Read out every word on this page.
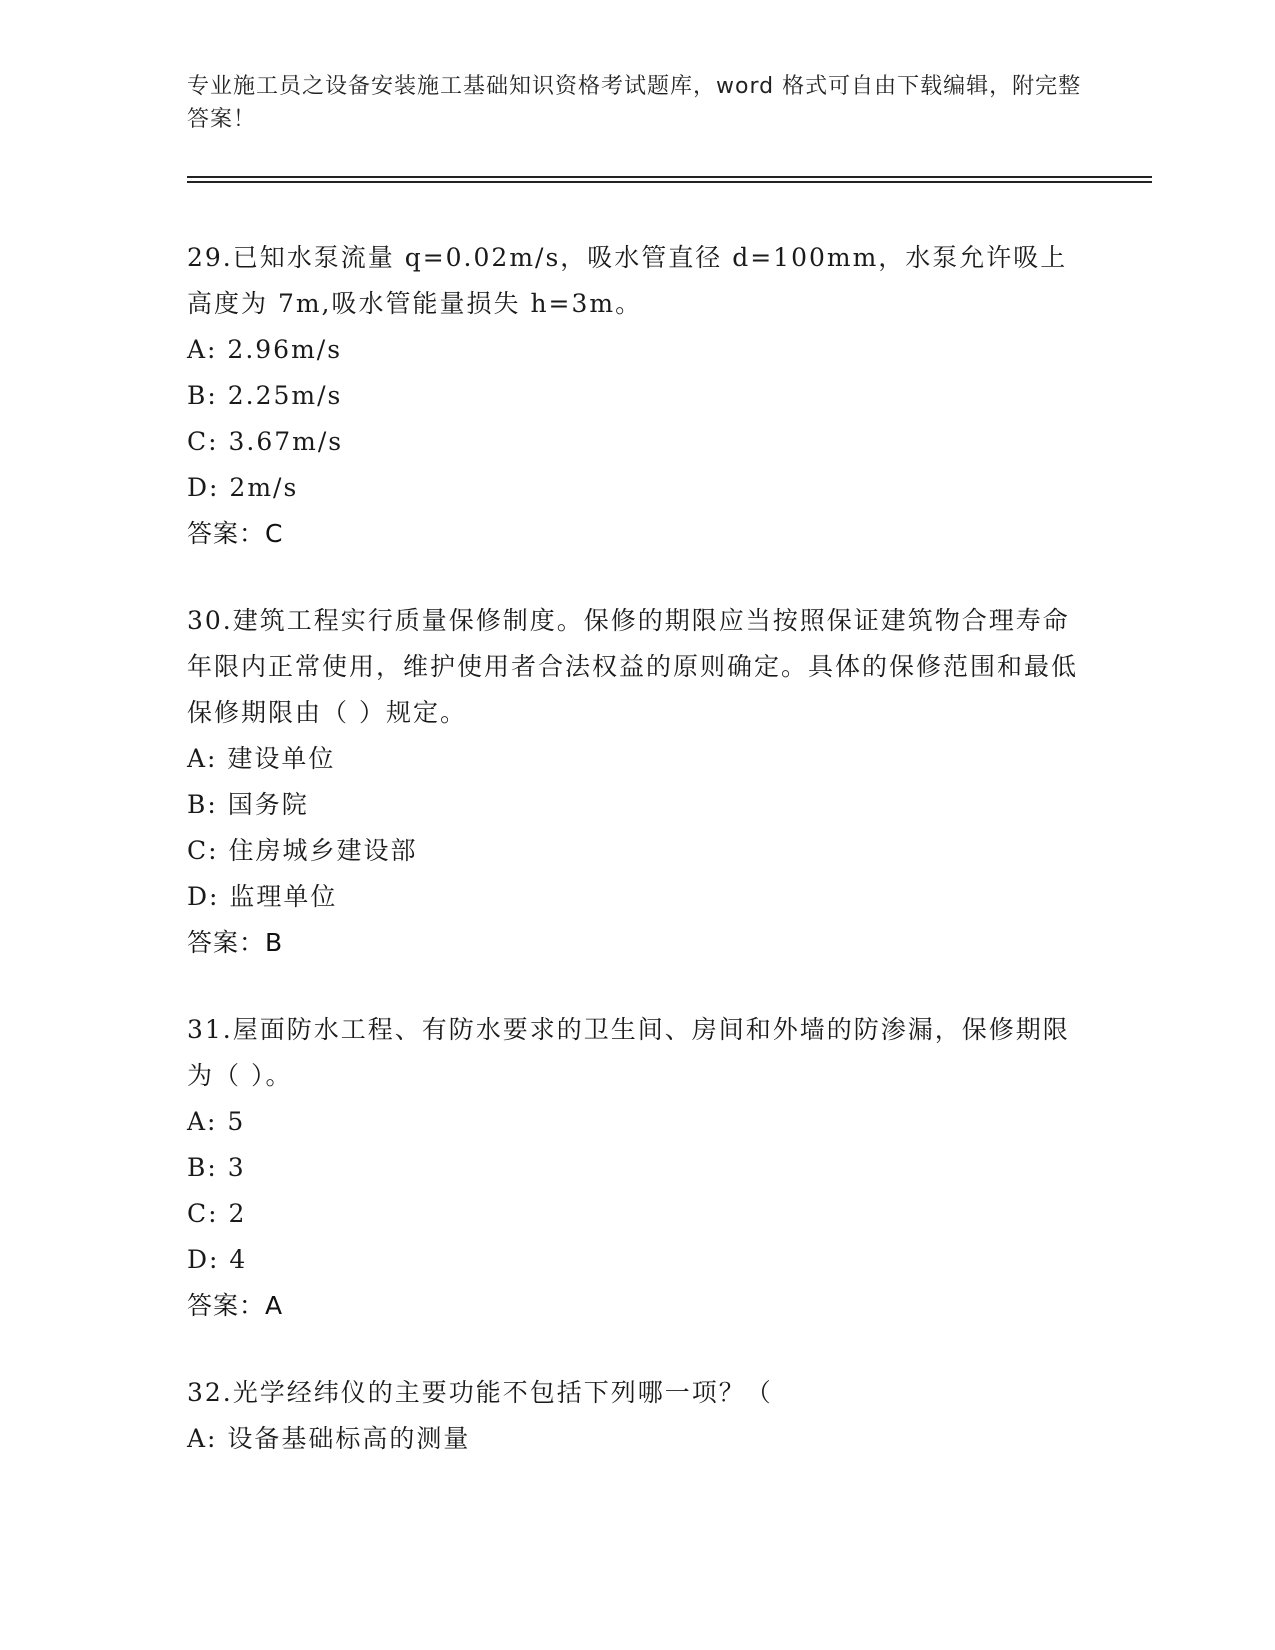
专业施工员之设备安装施工基础知识资格考试题库，word 格式可自由下载编辑，附完整答案！
29.已知水泵流量 q=0.02m/s，吸水管直径 d=100mm，水泵允许吸上高度为 7m,吸水管能量损失 h=3m。
A: 2.96m/s
B: 2.25m/s
C: 3.67m/s
D: 2m/s
答案：C
30.建筑工程实行质量保修制度。保修的期限应当按照保证建筑物合理寿命年限内正常使用，维护使用者合法权益的原则确定。具体的保修范围和最低保修期限由（ ）规定。
A: 建设单位
B: 国务院
C: 住房城乡建设部
D: 监理单位
答案：B
31.屋面防水工程、有防水要求的卫生间、房间和外墙的防渗漏，保修期限为（ ）。
A: 5
B: 3
C: 2
D: 4
答案：A
32.光学经纬仪的主要功能不包括下列哪一项？（
A: 设备基础标高的测量
